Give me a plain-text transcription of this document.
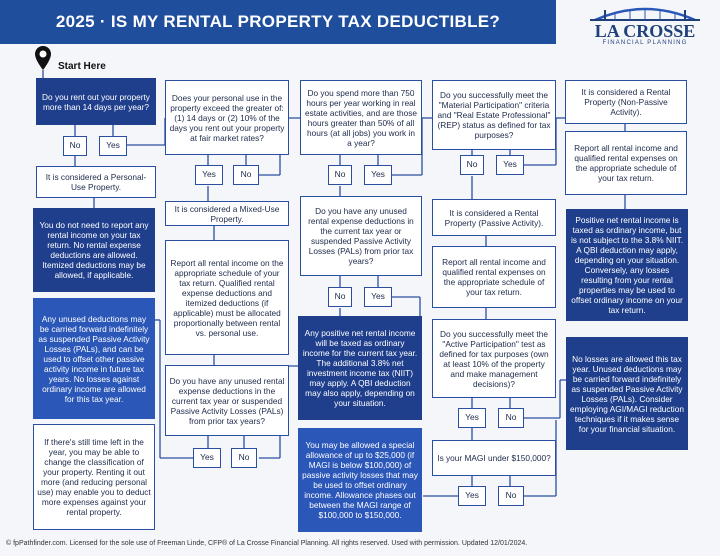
2025 · IS MY RENTAL PROPERTY TAX DEDUCTIBLE?	LA CROSSE
FINANCIAL PLANNING
Start Here
Do you rent out your property more than 14 days per year?
No	Yes
It is considered a Personal-Use Property.
You do not need to report any rental income on your tax return. No rental expense deductions are allowed. Itemized deductions may be allowed, if applicable.
Any unused deductions may be carried forward indefinitely as suspended Passive Activity Losses (PALs), and can be used to offset other passive activity income in future tax years. No losses against ordinary income are allowed for this tax year.
If there's still time left in the year, you may be able to change the classification of your property. Renting it out more (and reducing personal use) may enable you to deduct more expenses against your rental property.
Does your personal use in the property exceed the greater of: (1) 14 days or (2) 10% of the days you rent out your property at fair market rates?
Yes	No
It is considered a Mixed-Use Property.
Report all rental income on the appropriate schedule of your tax return. Qualified rental expense deductions and itemized deductions (if applicable) must be allocated proportionally between rental vs. personal use.
Do you have any unused rental expense deductions in the current tax year or suspended Passive Activity Losses (PALs) from prior tax years?
Yes	No
Do you spend more than 750 hours per year working in real estate activities, and are those hours greater than 50% of all hours (at all jobs) you work in a year?
No	Yes
Do you have any unused rental expense deductions in the current tax year or suspended Passive Activity Losses (PALs) from prior tax years?
No	Yes
Any positive net rental income will be taxed as ordinary income for the current tax year. The additional 3.8% net investment income tax (NIIT) may apply. A QBI deduction may also apply, depending on your situation.
You may be allowed a special allowance of up to $25,000 (if MAGI is below $100,000) of passive activity losses that may be used to offset ordinary income. Allowance phases out between the MAGI range of $100,000 to $150,000.
Do you successfully meet the "Material Participation" criteria and "Real Estate Professional" (REP) status as defined for tax purposes?
No	Yes
It is considered a Rental Property (Passive Activity).
Report all rental income and qualified rental expenses on the appropriate schedule of your tax return.
Do you successfully meet the "Active Participation" test as defined for tax purposes (own at least 10% of the property and make management decisions)?
Yes	No
Is your MAGI under $150,000?
Yes	No
It is considered a Rental Property (Non-Passive Activity).
Report all rental income and qualified rental expenses on the appropriate schedule of your tax return.
Positive net rental income is taxed as ordinary income, but is not subject to the 3.8% NIIT. A QBI deduction may apply, depending on your situation. Conversely, any losses resulting from your rental properties may be used to offset ordinary income on your tax return.
No losses are allowed this tax year. Unused deductions may be carried forward indefinitely as suspended Passive Activity Losses (PALs). Consider employing AGI/MAGI reduction techniques if it makes sense for your financial situation.
© fpPathfinder.com. Licensed for the sole use of Freeman Linde, CFP® of La Crosse Financial Planning. All rights reserved. Used with permission. Updated 12/01/2024.
